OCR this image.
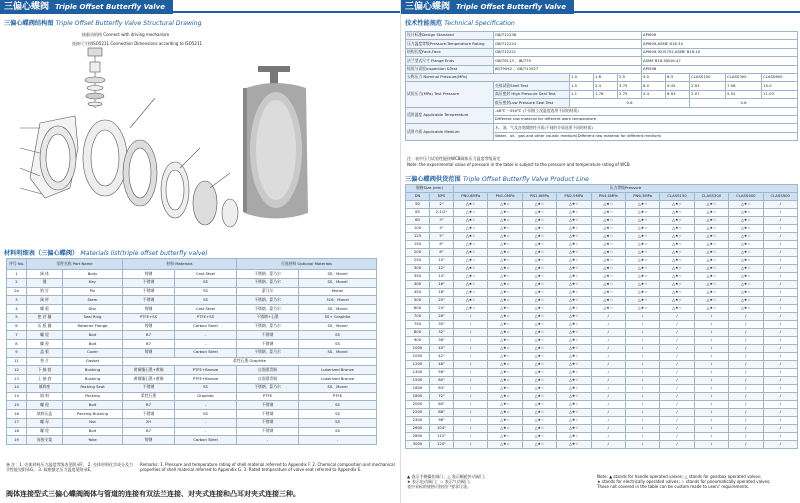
三偏心蝶阀 Triple Offset Butterfly Valve
三偏心蝶阀结构图 Triple Offset Butterfly Valve Structural Drawing
接驱动机构 Connect with driving mechanism
连接尺寸按ISO5211 Connection Dimensions according to ISO5211
材料明细表（三偏心蝶阀） Materials list(triple offset butterfly valve)
序号 No.	零件名称 Part Name		材料 Materials		可选材料 Optional Materials	
1	阀 体	Body	铸钢	Cast Steel	不锈钢、蒙乃尔	SS、Monel
2	键	Key	不锈钢	SS	不锈钢、蒙乃尔	SS、Monel
2a	销 钉	Pin	不锈钢	SS	蒙乃尔	Monel
3	阀 杆	Stem	不锈钢	SS	不锈钢、蒙乃尔	316、Monel
4	蝶 板	Disc	铸钢	Cast Steel	不锈钢、蒙乃尔	SS、Monel
5	密 封 圈	Seal Ring	PTFE+SS	PTFE+SS	不锈钢+石墨	SS+ Graphite
6	压 板 圈	Retainer Flange	铸钢	Carbon Steel	不锈钢、蒙乃尔	SS、Monel
7	螺 栓	Bolt	B7	-	不锈钢	SS
8	螺 栓	Bolt	B7	-	不锈钢	SS
9	盖 板	Cover	铸钢	Carbon Steel	不锈钢、蒙乃尔	SS、Monel
11	垫 片	Gasket	柔性石墨 Graphite			
12	下 轴 套	Bushing	黄铜镶石墨+黄铜	PTFE+Bronze	自润滑青铜	Luberized Bronze
13	上 轴 套	Bushing	黄铜镶石墨+黄铜	PTFE+Bronze	自润滑青铜	Luberized Bronze
14	填料座	Packing Seat	不锈钢	SS	不锈钢、蒙乃尔	SS、Monel
14	填 料	Packing	柔性石墨	Graphite	PTFE	PTFE
15	螺 栓	Bolt	B7	-	不锈钢	SS
16	填料压盖	Packing Bushing	不锈钢	SS	不锈钢	SS
17	螺 母	Nut	2H	-	不锈钢	SS
18	螺 栓	Bolt	B7	-	不锈钢	SS
19	连接支架	Yoke	铸钢	Carbon Steel	-	-
备 注：1. 壳体材料压力温度等级表见附录F。 2. 壳体材料化学成分及力学性能见附录G。 3. 阀座额定压力温度见附录E。
Remarks: 1. Pressure and temperature rating of shell material referred to Appendix F. 2. Chemical composition and mechanical properties of shell material referred to Appendix G. 3. Rated temperature of valve seat referred to Appendix E.
阀体连接型式三偏心蝶阀阀体与管道的连接有双法兰连接、对夹式连接和凸耳对夹式连接三种。
三偏心蝶阀 Triple Offset Butterfly Valve
技术性能规范 Technical Specification
设计标准Design Standard	GB/T12238				API609				
压力温度等级Pressure-Temperature Rating	GB/T12224				API609,ASME B16.34				
结构长度Face-Face	GB/T12221				API609,ISO5752,ASME B16.10				
法兰型式尺寸 Flange Ends	GB/T9113 、JB/T79				ASME B16.5\B16.47				
检验与试验Inspection &Test	JB/T9092 、GB/T13927				API598				
公称压力 Nominal Pressure(MPa)		1.0	1.6	2.5	4.0	6.3	CLASS150	CLASS300	CLASS600
试验压力(MPa) Test Pressure	壳体试验Shell Test	1.5	2.4	3.75	6.0	9.45	2.93	7.58	15.0
	高压密封 High Pressure Seal Test	1.1	1.76	2.75	4.4	6.93	2.07	5.52	11.03
	低压密封Low Pressure Seal Test	0.6					0.6		
适用温度 Applicable Temperature	-46℃ ~550℃ (不同的工况温度选用不同的材质)								
	Different raw material for different work temperature								
适用介质 Applicable Medium	水、油、气及各类腐蚀性介质(不同的介质选用不同的材质)								
	Water、oil、gas and other caustic medium(Different raw material for different medium)								
注：表中压力试验性能按WCB阀体压力温度等级而定
Note: the experimental value of pressure in the table is subject to the pressure and temperature rating of WCB.
三偏心蝶阀供货范围 Triple Offset Butterfly Valve Product Line
规格Size (mm)		压力等级Pressure									
DN	NPS	PN0.6MPa	PN1.0MPa	PN1.6MPa	PN2.5MPa	PN4.0MPa	PN6.3MPa	CLASS150	CLASS300	CLASS600	CLASS900
50	2"	△★☆	△★☆	△★☆	△★☆	△★☆	△★☆	△★☆	△★☆	△★☆	/
65	2-1/2"	△★☆	△★☆	△★☆	△★☆	△★☆	△★☆	△★☆	△★☆	△★☆	/
80	3"	△★☆	△★☆	△★☆	△★☆	△★☆	△★☆	△★☆	△★☆	△★☆	/
100	4"	△★☆	△★☆	△★☆	△★☆	△★☆	△★☆	△★☆	△★☆	△★☆	/
125	5"	△★☆	△★☆	△★☆	△★☆	△★☆	△★☆	△★☆	△★☆	△★☆	/
150	6"	△★☆	△★☆	△★☆	△★☆	△★☆	△★☆	△★☆	△★☆	△★☆	/
200	8"	△★☆	△★☆	△★☆	△★☆	△★☆	△★☆	△★☆	△★☆	△★☆	/
250	10"	△★☆	△★☆	△★☆	△★☆	△★☆	△★☆	△★☆	△★☆	△★☆	/
300	12"	△★☆	△★☆	△★☆	△★☆	△★☆	△★☆	△★☆	△★☆	△★☆	/
350	14"	△★☆	△★☆	△★☆	△★☆	△★☆	△★☆	△★☆	△★☆	△★☆	/
400	16"	△★☆	△★☆	△★☆	△★☆	△★☆	△★☆	△★☆	△★☆	△★☆	/
450	18"	△★☆	△★☆	△★☆	△★☆	△★☆	△★☆	△★☆	△★☆	△★☆	/
500	20"	△★☆	△★☆	△★☆	△★☆	△★☆	△★☆	△★☆	△★☆	△★☆	/
600	24"	△★☆	△★☆	△★☆	△★☆	△★☆	△★☆	△★☆	△★☆	△★☆	/
700	28"	/	△★☆	△★☆	△★☆	/	/	/	/	/	/
750	30"	/	△★☆	△★☆	△★☆	/	/	/	/	/	/
800	32"	/	△★☆	△★☆	△★☆	/	/	/	/	/	/
900	36"	/	△★☆	△★☆	△★☆	/	/	/	/	/	/
1000	40"	/	△★☆	△★☆	△★☆	/	/	/	/	/	/
1050	42"	/	△★☆	△★☆	△★☆	/	/	/	/	/	/
1200	48"	/	△★☆	△★☆	△★☆	/	/	/	/	/	/
1400	56"	/	△★☆	△★☆	△★☆	/	/	/	/	/	/
1500	60"	/	△★☆	△★☆	△★☆	/	/	/	/	/	/
1600	64"	/	△★☆	△★☆	△★☆	/	/	/	/	/	/
1800	72"	/	△★☆	△★☆	△★☆	/	/	/	/	/	/
2000	80"	/	△★☆	△★☆	△★☆	/	/	/	/	/	/
2200	88"	/	△★☆	△★☆	△★☆	/	/	/	/	/	/
2400	96"	/	△★☆	△★☆	△★☆	/	/	/	/	/	/
2600	104"	/	△★☆	△★☆	△★☆	/	/	/	/	/	/
2800	112"	/	△★☆	△★☆	△★☆	/	/	/	/	/	/
3000	120"	/	△★☆	△★☆	△★☆	/	/	/	/	/	/
▲ 表示手柄操作阀门；△ 表示蜗轮传动阀门；
★ 表示电动阀门；☆ 表示气动阀门；
表中未标的规格可按用户要求订货。
Note: ▲ stands for handle operated valves; △ stands for gearbox operated valves;
★ stands for electrically operated valves; ☆ stands for pneumatically operated valves;
Those not covered in the table can be custom made to users' requirements.
